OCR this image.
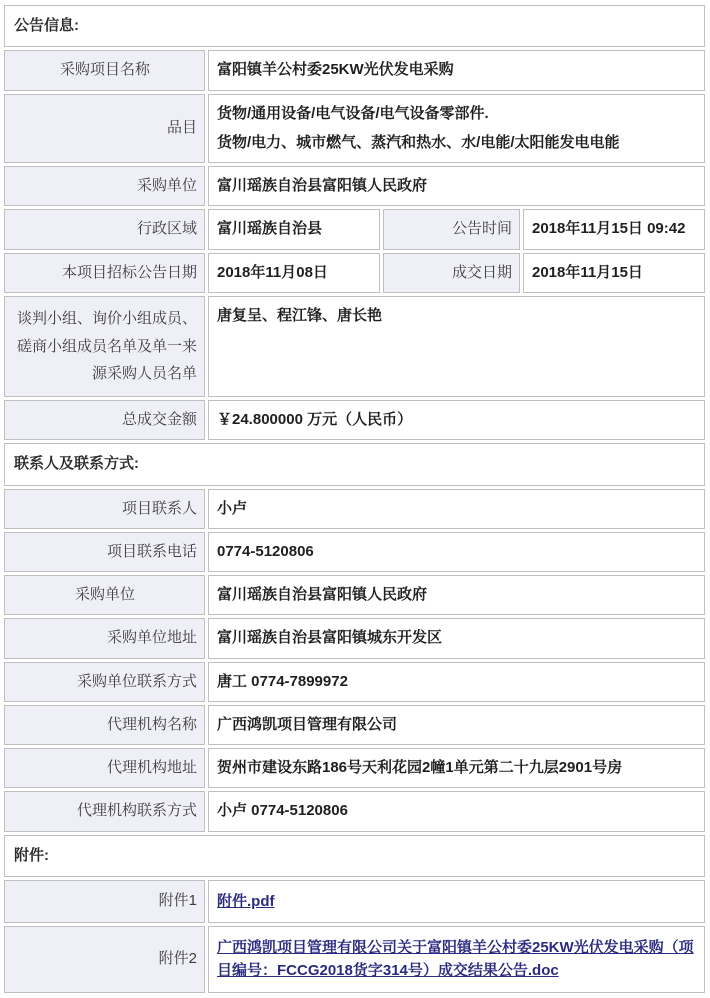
公告信息:			
采购项目名称	富阳镇羊公村委25KW光伏发电采购		
品目	货物/通用设备/电气设备/电气设备零部件.
货物/电力、城市燃气、蒸汽和热水、水/电能/太阳能发电电能		

采购单位	富川瑶族自治县富阳镇人民政府		
行政区域	富川瑶族自治县	公告时间	2018年11月15日 09:42
本项目招标公告日期	2018年11月08日	成交日期	2018年11月15日
谈判小组、询价小组成员、磋商小组成员名单及单一来源采购人员名单	唐复呈、程江锋、唐长艳		
总成交金额	￥24.800000 万元（人民币）		
联系人及联系方式:			
项目联系人	小卢		
项目联系电话	0774-5120806		
采购单位	富川瑶族自治县富阳镇人民政府		
采购单位地址	富川瑶族自治县富阳镇城东开发区		
采购单位联系方式	唐工 0774-7899972		
代理机构名称	广西鸿凯项目管理有限公司		
代理机构地址	贺州市建设东路186号天利花园2幢1单元第二十九层2901号房		
代理机构联系方式	小卢 0774-5120806		
附件:			
附件1	附件.pdf		
附件2	广西鸿凯项目管理有限公司关于富阳镇羊公村委25KW光伏发电采购（项目编号：FCCG2018货字314号）成交结果公告.doc		
